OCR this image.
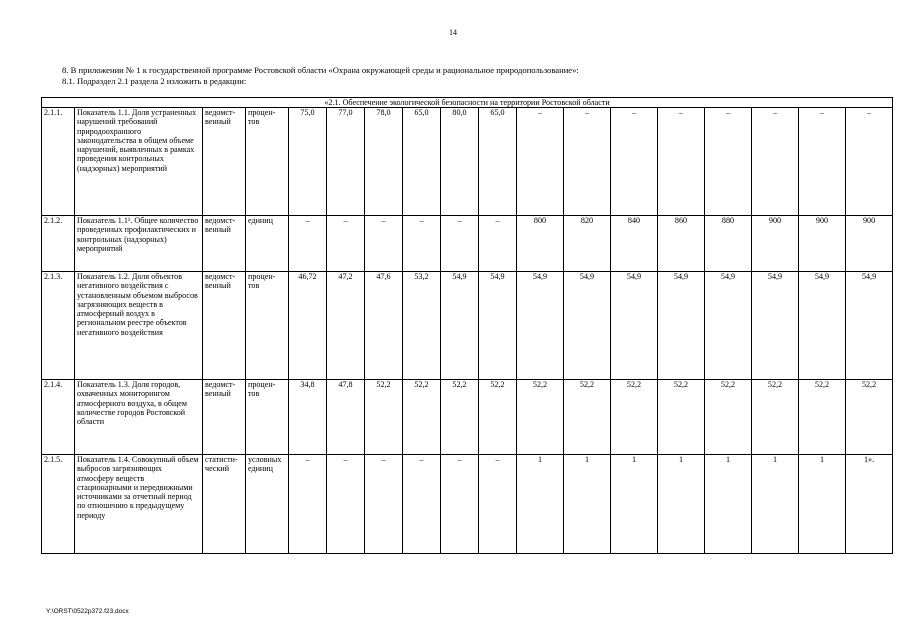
14
8. В приложении № 1 к государственной программе Ростовской области «Охрана окружающей среды и рациональное природопользование»:
8.1. Подраздел 2.1 раздела 2 изложить в редакции:
«2.1. Обеспечение экологической безопасности на территории Ростовской области																	
2.1.1.	Показатель 1.1. Доля устраненных нарушений требований природоохранного законодательства в общем объеме нарушений, выявленных в рамках проведения контрольных (надзорных) мероприятий	ведомст-венный	процен-тов	75,0	77,0	78,0	65,0	80,0	65,0	–	–	–	–	–	–	–	–
2.1.2.	Показатель 1.1¹. Общее количество проведенных профилактических и контрольных (надзорных) мероприятий	ведомст-венный	единиц	–	–	–	–	–	–	800	820	840	860	880	900	900	900
2.1.3.	Показатель 1.2. Доля объектов негативного воздействия с установленным объемом выбросов загрязняющих веществ в атмосферный воздух в региональном реестре объектов негативного воздействия	ведомст-венный	процен-тов	46,72	47,2	47,6	53,2	54,9	54,9	54,9	54,9	54,9	54,9	54,9	54,9	54,9	54,9
2.1.4.	Показатель 1.3. Доля городов, охваченных мониторингом атмосферного воздуха, в общем количестве городов Ростовской области	ведомст-венный	процен-тов	34,8	47,8	52,2	52,2	52,2	52,2	52,2	52,2	52,2	52,2	52,2	52,2	52,2	52,2
2.1.5.	Показатель 1.4. Совокупный объем выбросов загрязняющих атмосферу веществ стационарными и передвижными источниками за отчетный период по отношению к предыдущему периоду	статисти-ческий	условных единиц	–	–	–	–	–	–	1	1	1	1	1	1	1	1».
Y:\ORST\0522p372.f23.docx
